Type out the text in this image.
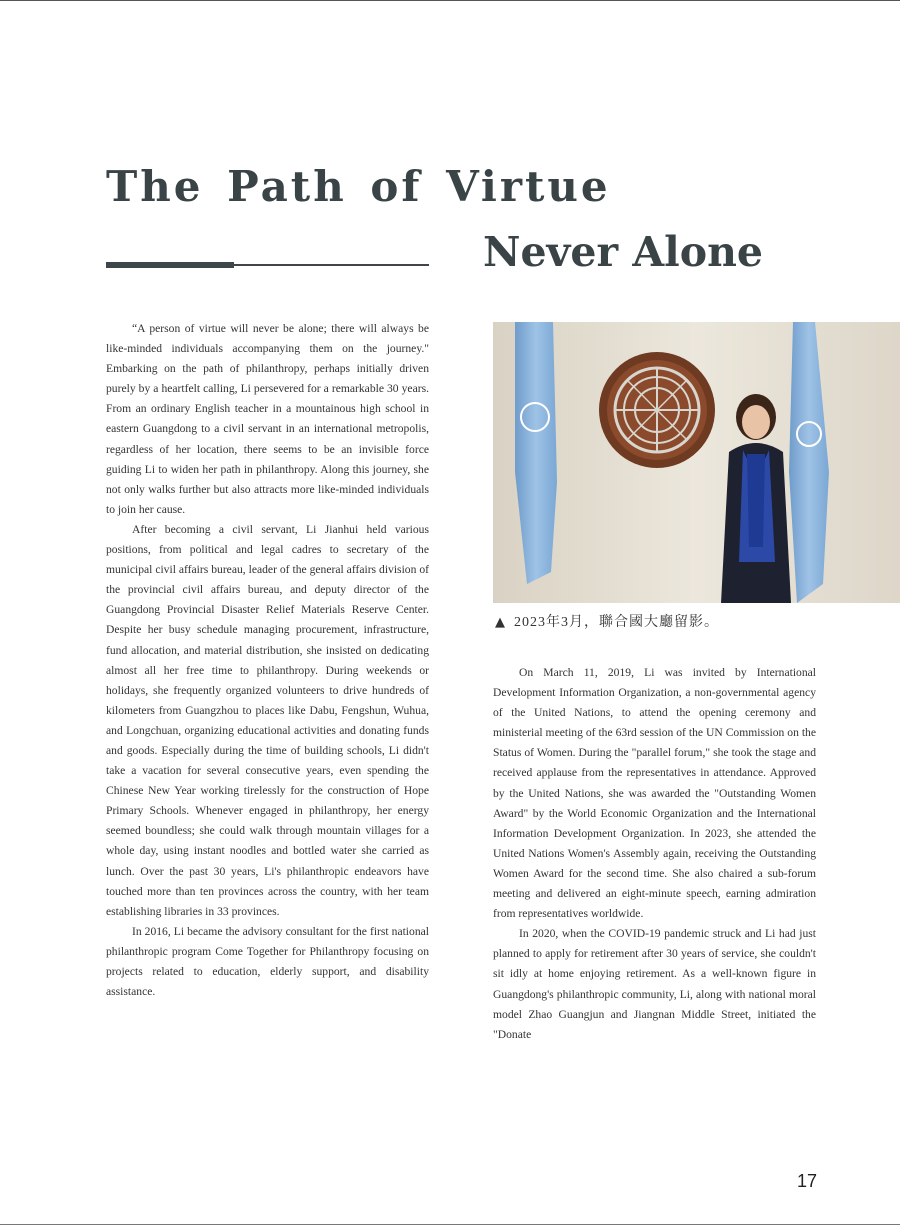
The Path of Virtue
Never Alone

“A person of virtue will never be alone; there will always be like-minded individuals accompanying them on the journey." Embarking on the path of philanthropy, perhaps initially driven purely by a heartfelt calling, Li persevered for a remarkable 30 years. From an ordinary English teacher in a mountainous high school in eastern Guangdong to a civil servant in an international metropolis, regardless of her location, there seems to be an invisible force guiding Li to widen her path in philanthropy. Along this journey, she not only walks further but also attracts more like-minded individuals to join her cause.

After becoming a civil servant, Li Jianhui held various positions, from political and legal cadres to secretary of the municipal civil affairs bureau, leader of the general affairs division of the provincial civil affairs bureau, and deputy director of the Guangdong Provincial Disaster Relief Materials Reserve Center. Despite her busy schedule managing procurement, infrastructure, fund allocation, and material distribution, she insisted on dedicating almost all her free time to philanthropy. During weekends or holidays, she frequently organized volunteers to drive hundreds of kilometers from Guangzhou to places like Dabu, Fengshun, Wuhua, and Longchuan, organizing educational activities and donating funds and goods. Especially during the time of building schools, Li didn't take a vacation for several consecutive years, even spending the Chinese New Year working tirelessly for the construction of Hope Primary Schools. Whenever engaged in philanthropy, her energy seemed boundless; she could walk through mountain villages for a whole day, using instant noodles and bottled water she carried as lunch. Over the past 30 years, Li's philanthropic endeavors have touched more than ten provinces across the country, with her team establishing libraries in 33 provinces.

In 2016, Li became the advisory consultant for the first national philanthropic program Come Together for Philanthropy focusing on projects related to education, elderly support, and disability assistance.

▲ 2023年3月，聯合國大廳留影。

On March 11, 2019, Li was invited by International Development Information Organization, a non-governmental agency of the United Nations, to attend the opening ceremony and ministerial meeting of the 63rd session of the UN Commission on the Status of Women. During the "parallel forum," she took the stage and received applause from the representatives in attendance. Approved by the United Nations, she was awarded the "Outstanding Women Award" by the World Economic Organization and the International Information Development Organization. In 2023, she attended the United Nations Women's Assembly again, receiving the Outstanding Women Award for the second time. She also chaired a sub-forum meeting and delivered an eight-minute speech, earning admiration from representatives worldwide.

In 2020, when the COVID-19 pandemic struck and Li had just planned to apply for retirement after 30 years of service, she couldn't sit idly at home enjoying retirement. As a well-known figure in Guangdong's philanthropic community, Li, along with national moral model Zhao Guangjun and Jiangnan Middle Street, initiated the "Donate

17
